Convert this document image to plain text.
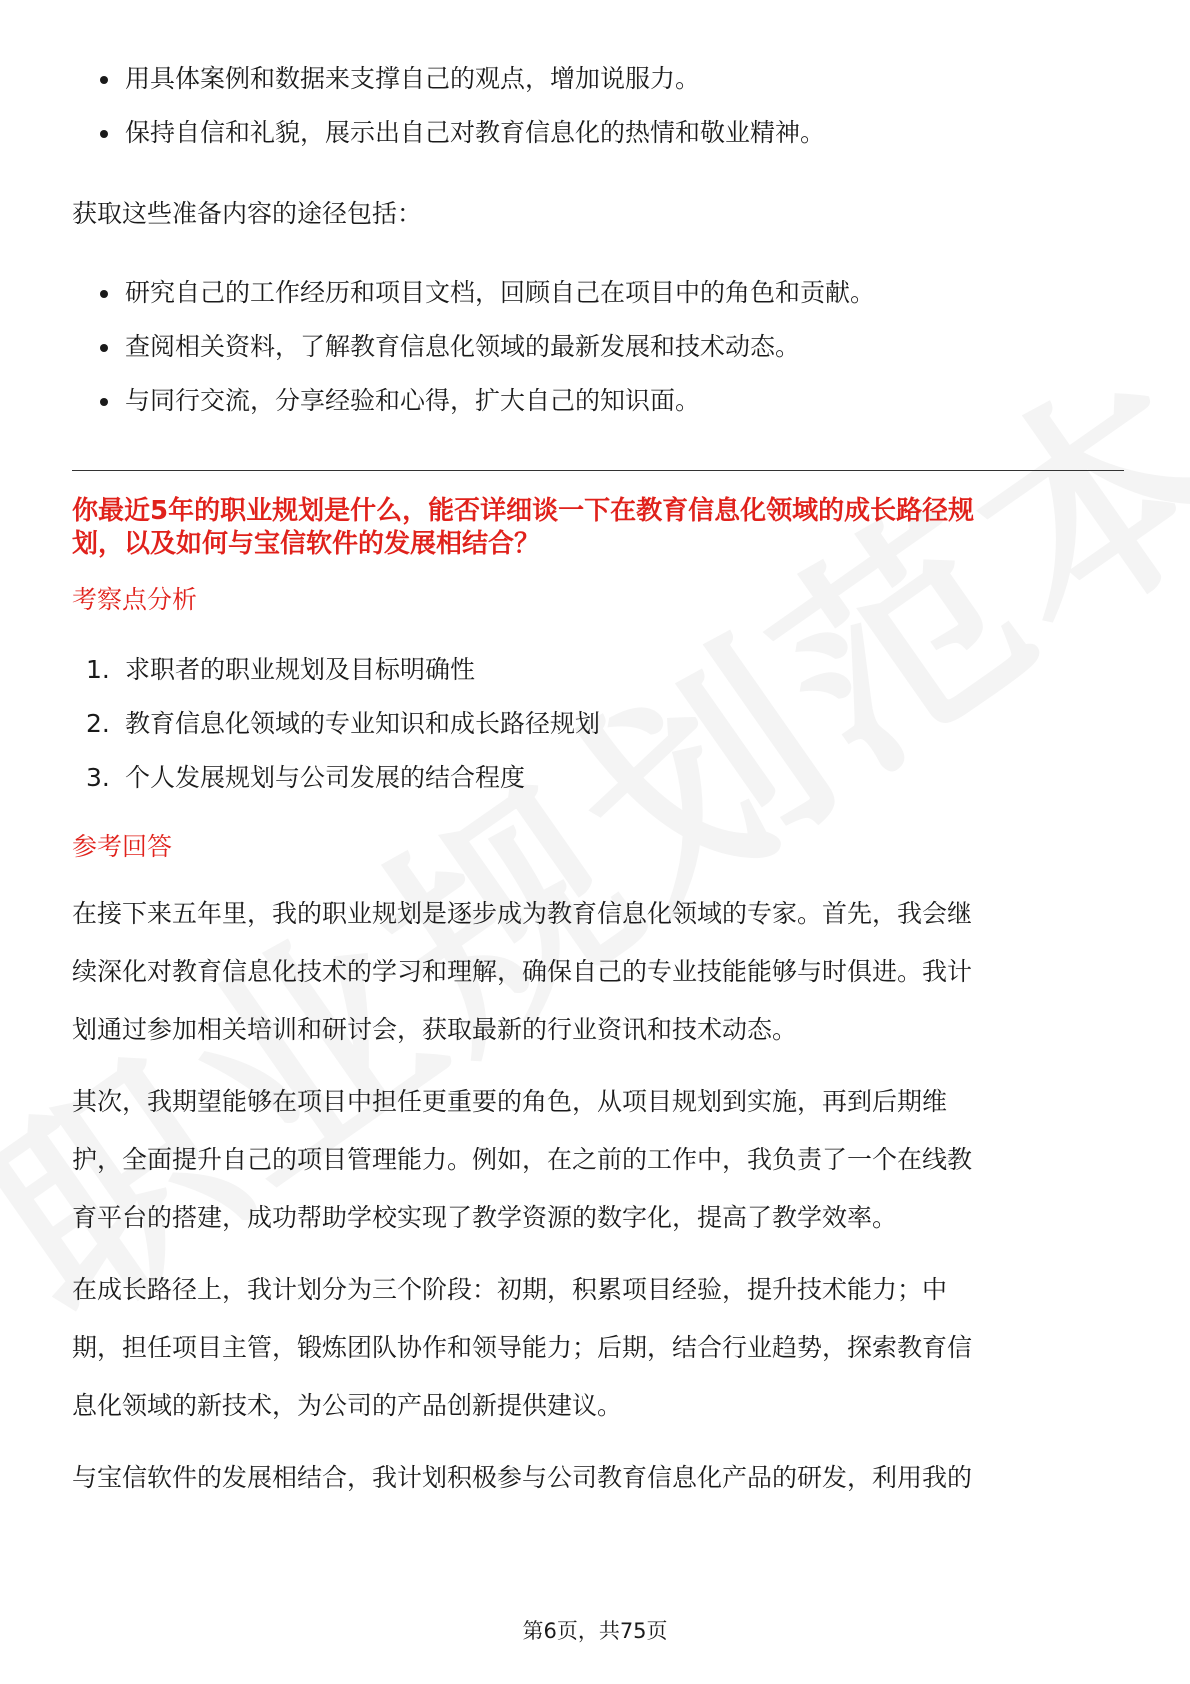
用具体案例和数据来支撑自己的观点，增加说服力。
保持自信和礼貌，展示出自己对教育信息化的热情和敬业精神。

获取这些准备内容的途径包括：

研究自己的工作经历和项目文档，回顾自己在项目中的角色和贡献。
查阅相关资料，了解教育信息化领域的最新发展和技术动态。
与同行交流，分享经验和心得，扩大自己的知识面。

你最近5年的职业规划是什么，能否详细谈一下在教育信息化领域的成长路径规

划，以及如何与宝信软件的发展相结合？

考察点分析

1. 求职者的职业规划及目标明确性
2. 教育信息化领域的专业知识和成长路径规划
3. 个人发展规划与公司发展的结合程度

参考回答

在接下来五年里，我的职业规划是逐步成为教育信息化领域的专家。首先，我会继

续深化对教育信息化技术的学习和理解，确保自己的专业技能能够与时俱进。我计

划通过参加相关培训和研讨会，获取最新的行业资讯和技术动态。

其次，我期望能够在项目中担任更重要的角色，从项目规划到实施，再到后期维

护，全面提升自己的项目管理能力。例如，在之前的工作中，我负责了一个在线教

育平台的搭建，成功帮助学校实现了教学资源的数字化，提高了教学效率。

在成长路径上，我计划分为三个阶段：初期，积累项目经验，提升技术能力；中

期，担任项目主管，锻炼团队协作和领导能力；后期，结合行业趋势，探索教育信

息化领域的新技术，为公司的产品创新提供建议。

与宝信软件的发展相结合，我计划积极参与公司教育信息化产品的研发，利用我的

第6页，共75页
